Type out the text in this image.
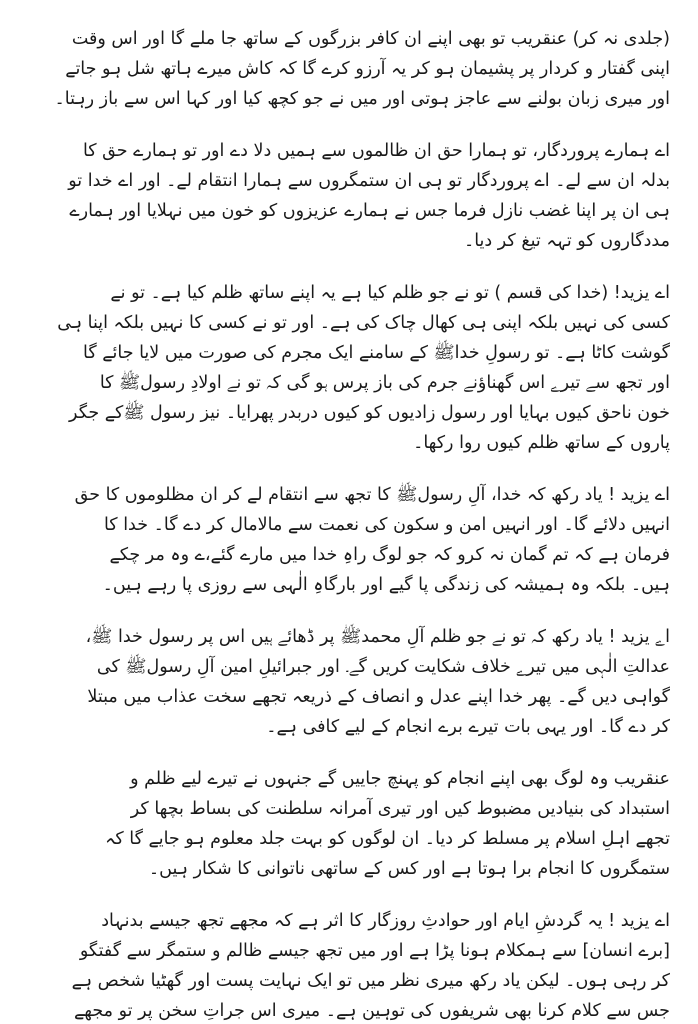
(جلدی نہ کر) عنقریب تو بھی اپنے ان کافر بزرگوں کے ساتھ جا ملے گا اور اس وقت
اپنی گفتار و کردار پر پشیمان ہو کر یہ آرزو کرے گا کہ کاش میرے ہاتھ شل ہو جاتے
اور میری زبان بولنے سے عاجز ہوتی اور میں نے جو کچھ کیا اور کہا اس سے باز رہتا۔

اے ہمارے پروردگار، تو ہمارا حق ان ظالموں سے ہمیں دلا دے اور تو ہمارے حق کا
بدلہ ان سے لے۔ اے پروردگار تو ہی ان ستمگروں سے ہمارا انتقام لے۔ اور اے خدا تو
ہی ان پر اپنا غضب نازل فرما جس نے ہمارے عزیزوں کو خون میں نہلایا اور ہمارے
مددگاروں کو تہہ تیغ کر دیا۔

اے یزید! (خدا کی قسم ) تو نے جو ظلم کیا ہے یہ اپنے ساتھ ظلم کیا ہے۔ تو نے
کسی کی نہیں بلکہ اپنی ہی کھال چاک کی ہے۔ اور تو نے کسی کا نہیں بلکہ اپنا ہی
گوشت کاٹا ہے۔ تو رسولِ خداﷺ کے سامنے ایک مجرم کی صورت میں لایا جائے گا
اور تجھ سے تیرے اس گھناؤنے جرم کی باز پرس ہو گی کہ تو نے اولادِ رسولﷺ کا
خون ناحق کیوں بہایا اور رسول زادیوں کو کیوں دربدر پھرایا۔ نیز رسول ﷺکے جگر
پاروں کے ساتھ ظلم کیوں روا رکھا۔

اے یزید ! یاد رکھ کہ خدا، آلِ رسولﷺ کا تجھ سے انتقام لے کر ان مظلوموں کا حق
انہیں دلائے گا۔ اور انہیں امن و سکون کی نعمت سے مالامال کر دے گا۔ خدا کا
فرمان ہے کہ تم گمان نہ کرو کہ جو لوگ راہِ خدا میں مارے گئے،ے وہ مر چکے
ہیں۔ بلکہ وہ ہمیشہ کی زندگی پا گیے اور بارگاہِ الٰہی سے روزی پا رہے ہیں۔

اے یزید ! یاد رکھ کہ تو نے جو ظلم آلِ محمدﷺ پر ڈھائے ہیں اس پر رسول خدا ﷺ،
عدالتِ الٰہی میں تیرے خلاف شکایت کریں گے۔ اور جبرائیلِ امین آلِ رسولﷺ کی
گواہی دیں گے۔ پھر خدا اپنے عدل و انصاف کے ذریعہ تجھے سخت عذاب میں مبتلا
کر دے گا۔ اور یہی بات تیرے برے انجام کے لیے کافی ہے۔

عنقریب وہ لوگ بھی اپنے انجام کو پہنچ جاییں گے جنہوں نے تیرے لیے ظلم و
استبداد کی بنیادیں مضبوط کیں اور تیری آمرانہ سلطنت کی بساط بچھا کر
تجھے اہلِ اسلام پر مسلط کر دیا۔ ان لوگوں کو بہت جلد معلوم ہو جایے گا کہ
ستمگروں کا انجام برا ہوتا ہے اور کس کے ساتھی ناتوانی کا شکار ہیں۔

اے یزید ! یہ گردشِ ایام اور حوادثِ روزگار کا اثر ہے کہ مجھے تجھ جیسے بدنہاد
[برے انسان] سے ہمکلام ہونا پڑا ہے اور میں تجھ جیسے ظالم و ستمگر سے گفتگو
کر رہی ہوں۔ لیکن یاد رکھ میری نظر میں تو ایک نہایت پست اور گھٹیا شخص ہے
جس سے کلام کرنا بھی شریفوں کی توہین ہے۔ میری اس جراتِ سخن پر تو مجھے
